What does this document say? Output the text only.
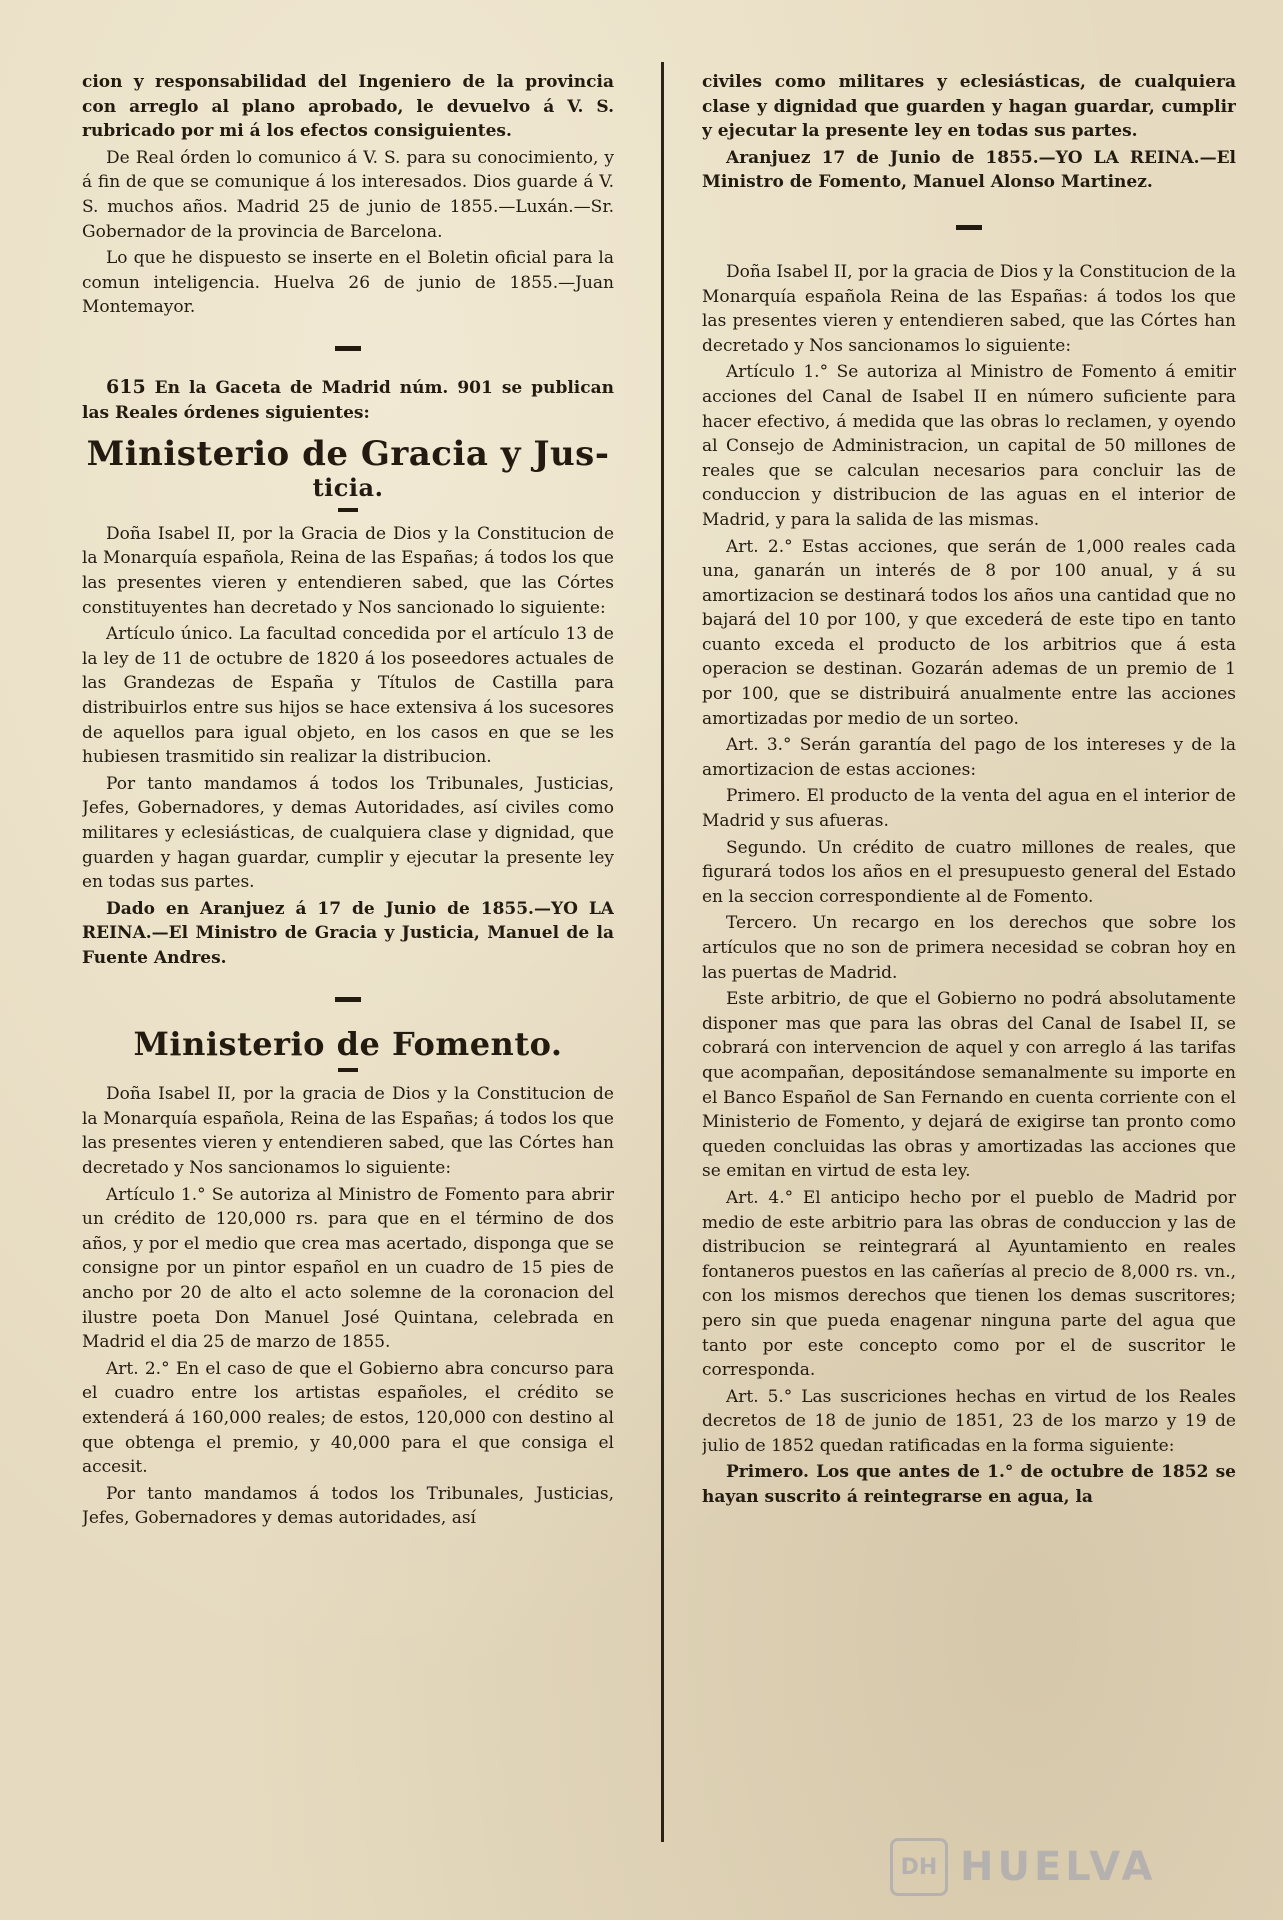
cion y responsabilidad del Ingeniero de la provincia con arreglo al plano aprobado, le devuelvo á V. S. rubricado por mi á los efectos consiguientes.

De Real órden lo comunico á V. S. para su conocimiento, y á fin de que se comunique á los interesados. Dios guarde á V. S. muchos años. Madrid 25 de junio de 1855.—Luxán.—Sr. Gobernador de la provincia de Barcelona.

Lo que he dispuesto se inserte en el Boletin oficial para la comun inteligencia. Huelva 26 de junio de 1855.—Juan Montemayor.

615 En la Gaceta de Madrid núm. 901 se publican las Reales órdenes siguientes:

Ministerio de Gracia y Jus-
ticia.

Doña Isabel II, por la Gracia de Dios y la Constitucion de la Monarquía española, Reina de las Españas; á todos los que las presentes vieren y entendieren sabed, que las Córtes constituyentes han decretado y Nos sancionado lo siguiente:

Artículo único. La facultad concedida por el artículo 13 de la ley de 11 de octubre de 1820 á los poseedores actuales de las Grandezas de España y Títulos de Castilla para distribuirlos entre sus hijos se hace extensiva á los sucesores de aquellos para igual objeto, en los casos en que se les hubiesen trasmitido sin realizar la distribucion.

Por tanto mandamos á todos los Tribunales, Justicias, Jefes, Gobernadores, y demas Autoridades, así civiles como militares y eclesiásticas, de cualquiera clase y dignidad, que guarden y hagan guardar, cumplir y ejecutar la presente ley en todas sus partes.

Dado en Aranjuez á 17 de Junio de 1855.—YO LA REINA.—El Ministro de Gracia y Justicia, Manuel de la Fuente Andres.

Ministerio de Fomento.

Doña Isabel II, por la gracia de Dios y la Constitucion de la Monarquía española, Reina de las Españas; á todos los que las presentes vieren y entendieren sabed, que las Córtes han decretado y Nos sancionamos lo siguiente:

Artículo 1.° Se autoriza al Ministro de Fomento para abrir un crédito de 120,000 rs. para que en el término de dos años, y por el medio que crea mas acertado, disponga que se consigne por un pintor español en un cuadro de 15 pies de ancho por 20 de alto el acto solemne de la coronacion del ilustre poeta Don Manuel José Quintana, celebrada en Madrid el dia 25 de marzo de 1855.

Art. 2.° En el caso de que el Gobierno abra concurso para el cuadro entre los artistas españoles, el crédito se extenderá á 160,000 reales; de estos, 120,000 con destino al que obtenga el premio, y 40,000 para el que consiga el accesit.

Por tanto mandamos á todos los Tribunales, Justicias, Jefes, Gobernadores y demas autoridades, así

civiles como militares y eclesiásticas, de cualquiera clase y dignidad que guarden y hagan guardar, cumplir y ejecutar la presente ley en todas sus partes.

Aranjuez 17 de Junio de 1855.—YO LA REINA.—El Ministro de Fomento, Manuel Alonso Martinez.

Doña Isabel II, por la gracia de Dios y la Constitucion de la Monarquía española Reina de las Españas: á todos los que las presentes vieren y entendieren sabed, que las Córtes han decretado y Nos sancionamos lo siguiente:

Artículo 1.° Se autoriza al Ministro de Fomento á emitir acciones del Canal de Isabel II en número suficiente para hacer efectivo, á medida que las obras lo reclamen, y oyendo al Consejo de Administracion, un capital de 50 millones de reales que se calculan necesarios para concluir las de conduccion y distribucion de las aguas en el interior de Madrid, y para la salida de las mismas.

Art. 2.° Estas acciones, que serán de 1,000 reales cada una, ganarán un interés de 8 por 100 anual, y á su amortizacion se destinará todos los años una cantidad que no bajará del 10 por 100, y que excederá de este tipo en tanto cuanto exceda el producto de los arbitrios que á esta operacion se destinan. Gozarán ademas de un premio de 1 por 100, que se distribuirá anualmente entre las acciones amortizadas por medio de un sorteo.

Art. 3.° Serán garantía del pago de los intereses y de la amortizacion de estas acciones:

Primero. El producto de la venta del agua en el interior de Madrid y sus afueras.

Segundo. Un crédito de cuatro millones de reales, que figurará todos los años en el presupuesto general del Estado en la seccion correspondiente al de Fomento.

Tercero. Un recargo en los derechos que sobre los artículos que no son de primera necesidad se cobran hoy en las puertas de Madrid.

Este arbitrio, de que el Gobierno no podrá absolutamente disponer mas que para las obras del Canal de Isabel II, se cobrará con intervencion de aquel y con arreglo á las tarifas que acompañan, depositándose semanalmente su importe en el Banco Español de San Fernando en cuenta corriente con el Ministerio de Fomento, y dejará de exigirse tan pronto como queden concluidas las obras y amortizadas las acciones que se emitan en virtud de esta ley.

Art. 4.° El anticipo hecho por el pueblo de Madrid por medio de este arbitrio para las obras de conduccion y las de distribucion se reintegrará al Ayuntamiento en reales fontaneros puestos en las cañerías al precio de 8,000 rs. vn., con los mismos derechos que tienen los demas suscritores; pero sin que pueda enagenar ninguna parte del agua que tanto por este concepto como por el de suscritor le corresponda.

Art. 5.° Las suscriciones hechas en virtud de los Reales decretos de 18 de junio de 1851, 23 de los marzo y 19 de julio de 1852 quedan ratificadas en la forma siguiente:

Primero. Los que antes de 1.° de octubre de 1852 se hayan suscrito á reintegrarse en agua, la

DH HUELVA
